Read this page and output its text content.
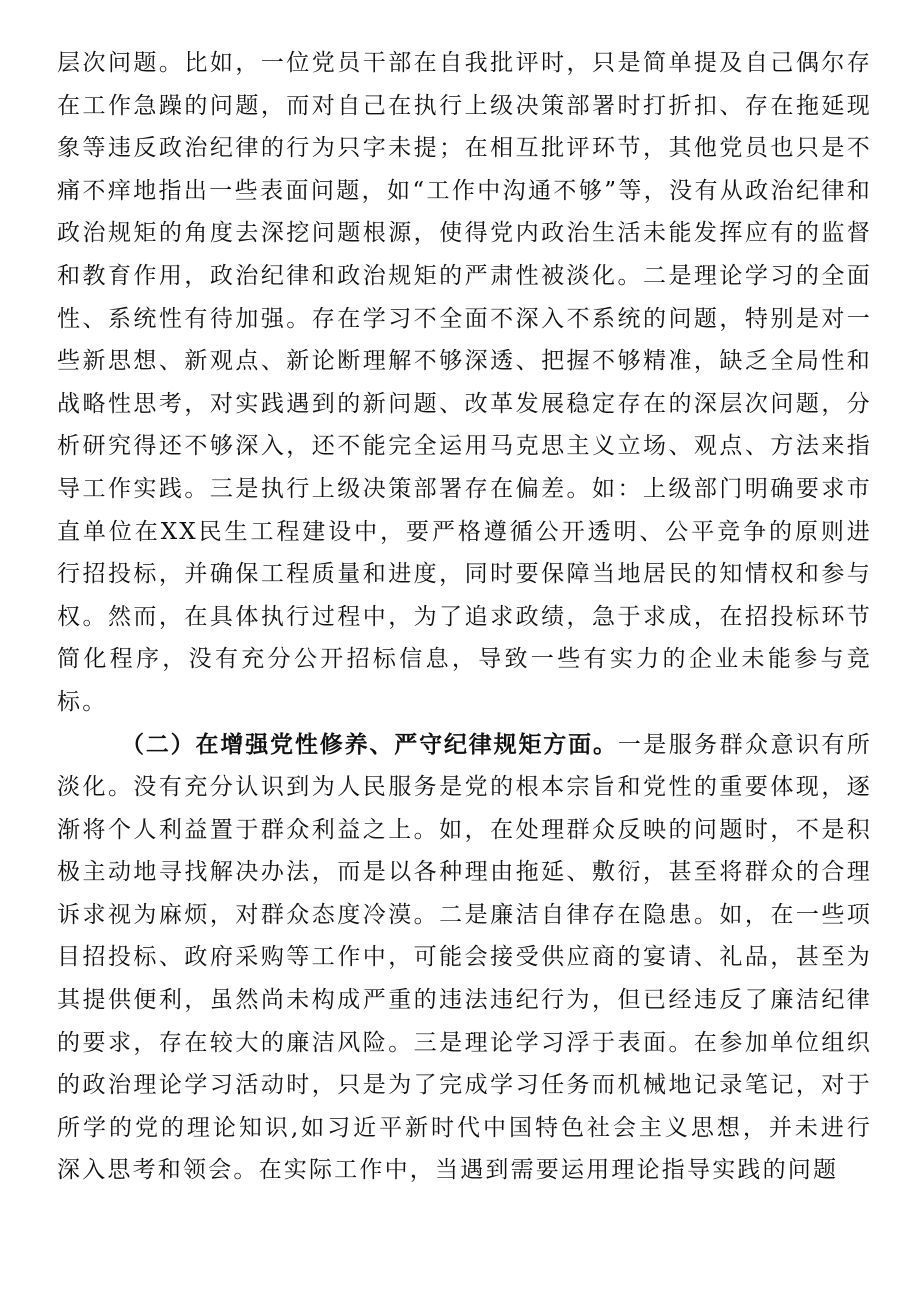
层次问题。比如，一位党员干部在自我批评时，只是简单提及自己偶尔存在工作急躁的问题，而对自己在执行上级决策部署时打折扣、存在拖延现象等违反政治纪律的行为只字未提；在相互批评环节，其他党员也只是不痛不痒地指出一些表面问题，如“工作中沟通不够”等，没有从政治纪律和政治规矩的角度去深挖问题根源，使得党内政治生活未能发挥应有的监督和教育作用，政治纪律和政治规矩的严肃性被淡化。二是理论学习的全面性、系统性有待加强。存在学习不全面不深入不系统的问题，特别是对一些新思想、新观点、新论断理解不够深透、把握不够精准，缺乏全局性和战略性思考，对实践遇到的新问题、改革发展稳定存在的深层次问题，分析研究得还不够深入，还不能完全运用马克思主义立场、观点、方法来指导工作实践。三是执行上级决策部署存在偏差。如：上级部门明确要求市直单位在XX民生工程建设中，要严格遵循公开透明、公平竞争的原则进行招投标，并确保工程质量和进度，同时要保障当地居民的知情权和参与权。然而，在具体执行过程中，为了追求政绩，急于求成，在招投标环节简化程序，没有充分公开招标信息，导致一些有实力的企业未能参与竞标。

（二）在增强党性修养、严守纪律规矩方面。一是服务群众意识有所淡化。没有充分认识到为人民服务是党的根本宗旨和党性的重要体现，逐渐将个人利益置于群众利益之上。如，在处理群众反映的问题时，不是积极主动地寻找解决办法，而是以各种理由拖延、敷衍，甚至将群众的合理诉求视为麻烦，对群众态度冷漠。二是廉洁自律存在隐患。如，在一些项目招投标、政府采购等工作中，可能会接受供应商的宴请、礼品，甚至为其提供便利，虽然尚未构成严重的违法违纪行为，但已经违反了廉洁纪律的要求，存在较大的廉洁风险。三是理论学习浮于表面。在参加单位组织的政治理论学习活动时，只是为了完成学习任务而机械地记录笔记，对于所学的党的理论知识,如习近平新时代中国特色社会主义思想，并未进行深入思考和领会。在实际工作中，当遇到需要运用理论指导实践的问题
